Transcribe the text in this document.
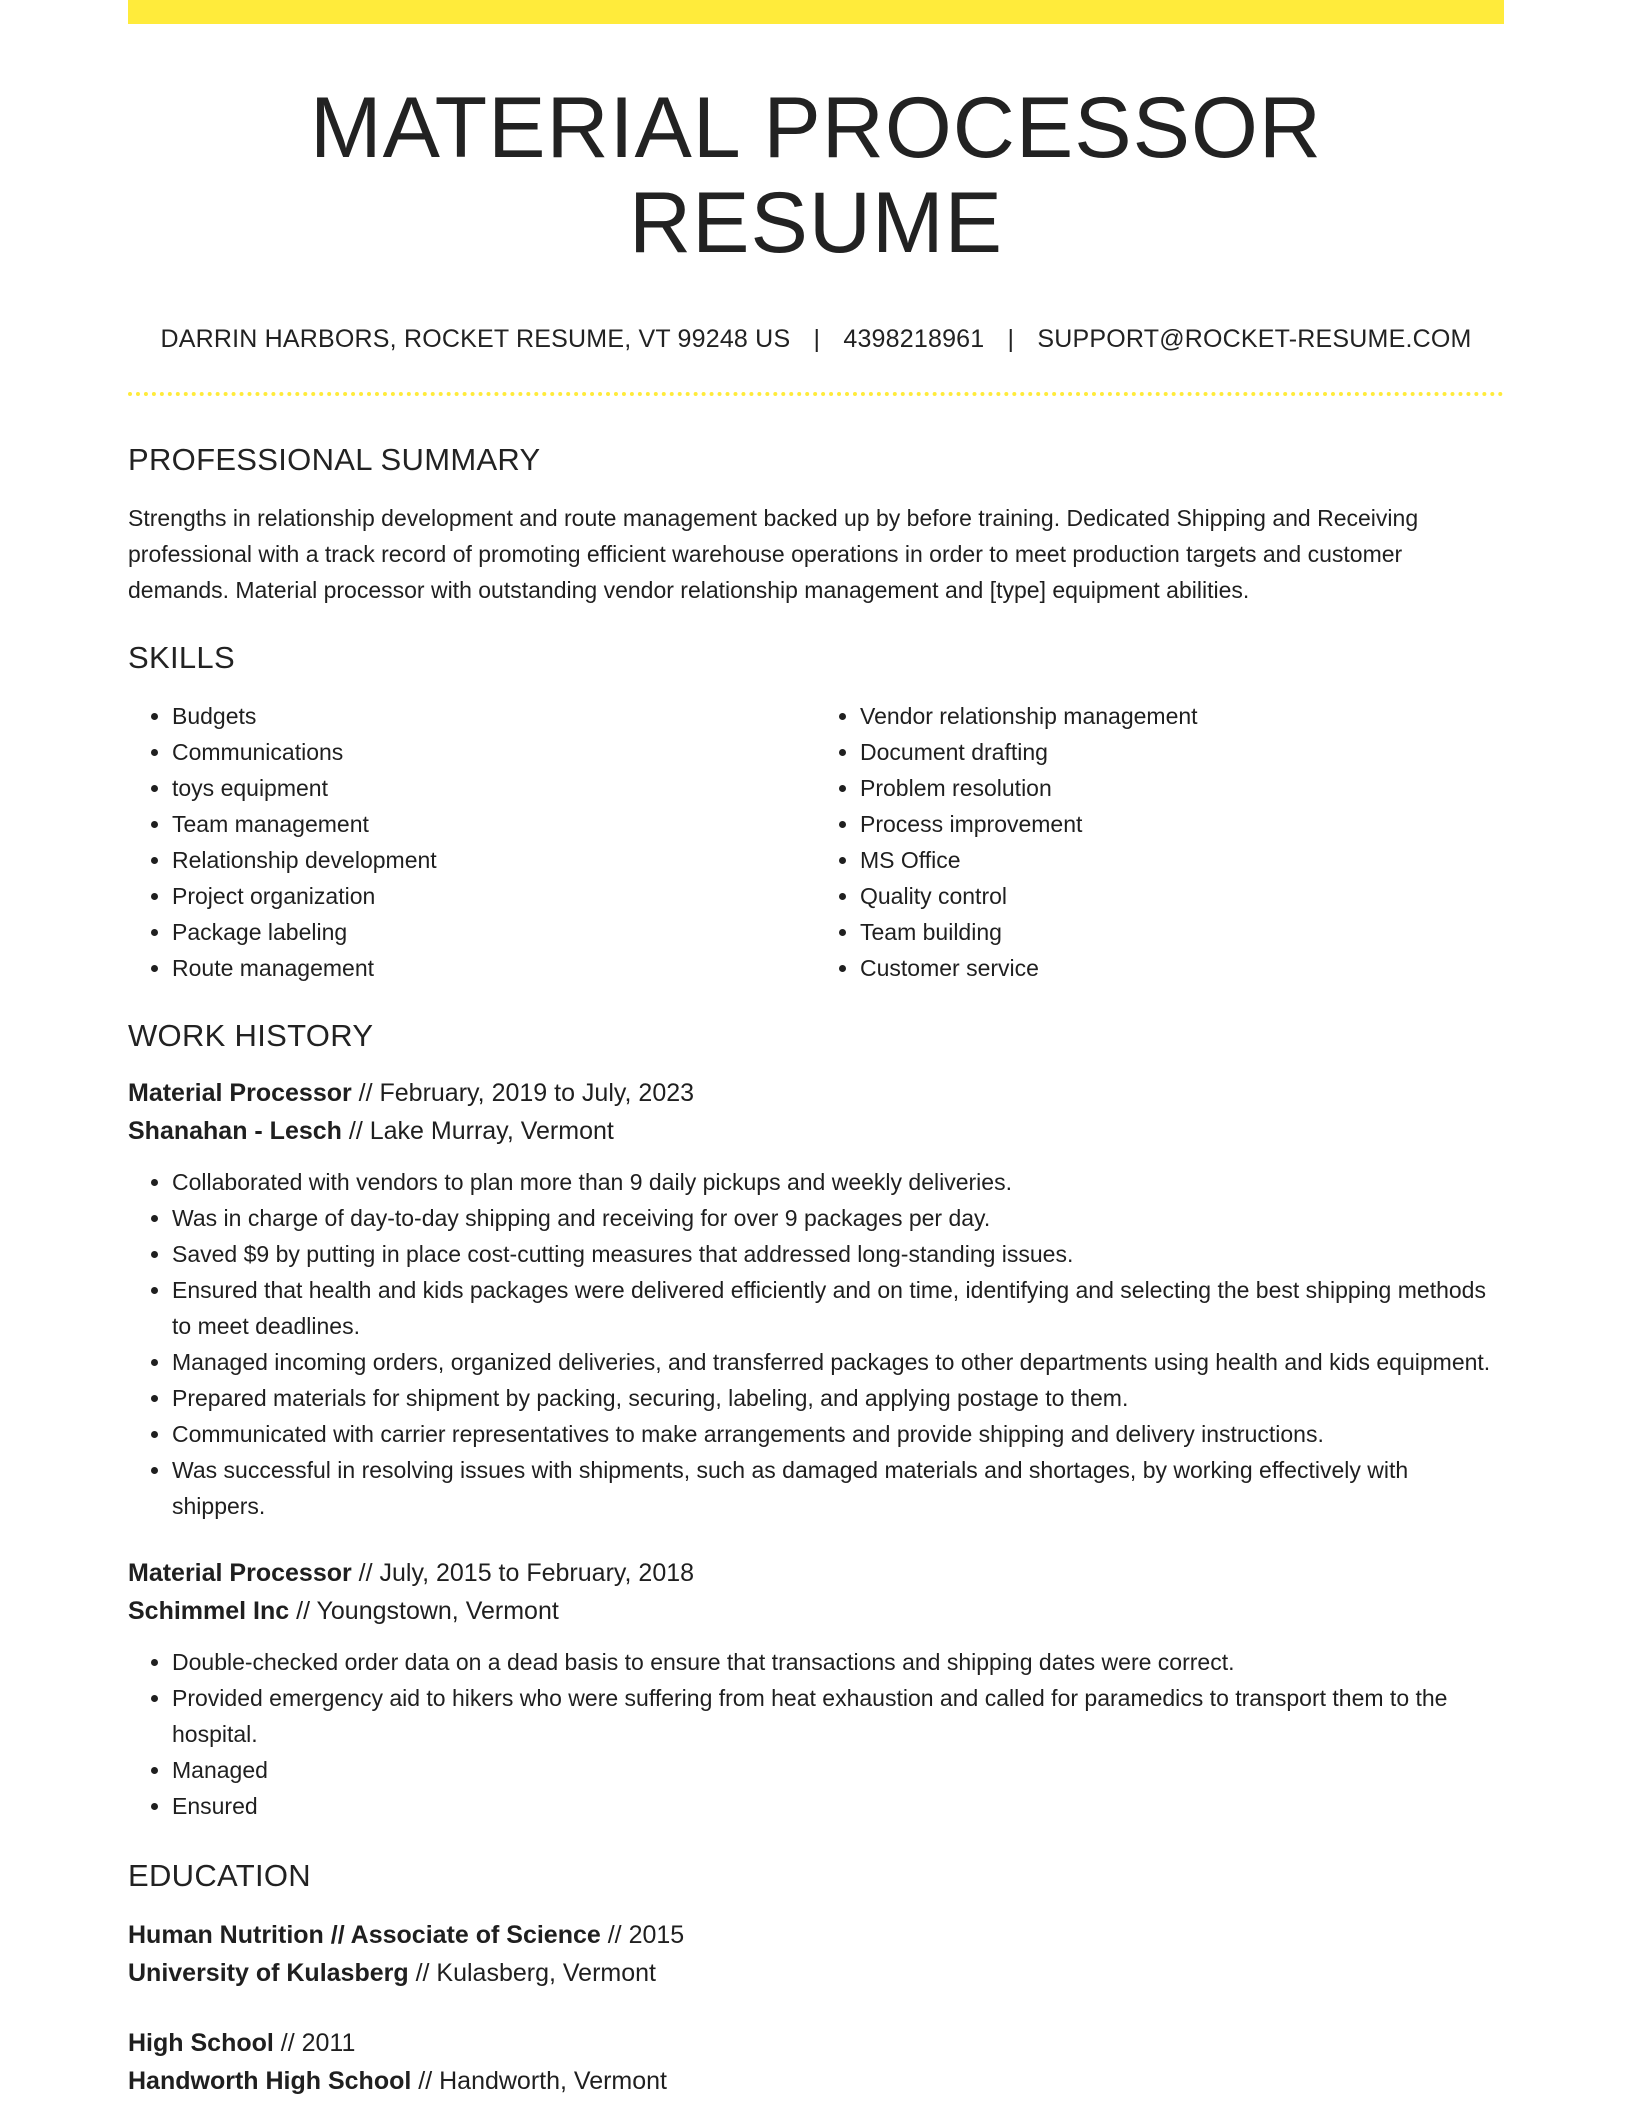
MATERIAL PROCESSOR RESUME
DARRIN HARBORS, ROCKET RESUME, VT 99248 US | 4398218961 | SUPPORT@ROCKET-RESUME.COM
PROFESSIONAL SUMMARY
Strengths in relationship development and route management backed up by before training. Dedicated Shipping and Receiving professional with a track record of promoting efficient warehouse operations in order to meet production targets and customer demands. Material processor with outstanding vendor relationship management and [type] equipment abilities.
SKILLS
• Budgets
• Communications
• toys equipment
• Team management
• Relationship development
• Project organization
• Package labeling
• Route management
• Vendor relationship management
• Document drafting
• Problem resolution
• Process improvement
• MS Office
• Quality control
• Team building
• Customer service
WORK HISTORY
Material Processor // February, 2019 to July, 2023
Shanahan - Lesch // Lake Murray, Vermont
• Collaborated with vendors to plan more than 9 daily pickups and weekly deliveries.
• Was in charge of day-to-day shipping and receiving for over 9 packages per day.
• Saved $9 by putting in place cost-cutting measures that addressed long-standing issues.
• Ensured that health and kids packages were delivered efficiently and on time, identifying and selecting the best shipping methods to meet deadlines.
• Managed incoming orders, organized deliveries, and transferred packages to other departments using health and kids equipment.
• Prepared materials for shipment by packing, securing, labeling, and applying postage to them.
• Communicated with carrier representatives to make arrangements and provide shipping and delivery instructions.
• Was successful in resolving issues with shipments, such as damaged materials and shortages, by working effectively with shippers.
Material Processor // July, 2015 to February, 2018
Schimmel Inc // Youngstown, Vermont
• Double-checked order data on a dead basis to ensure that transactions and shipping dates were correct.
• Provided emergency aid to hikers who were suffering from heat exhaustion and called for paramedics to transport them to the hospital.
• Managed
• Ensured
EDUCATION
Human Nutrition // Associate of Science // 2015
University of Kulasberg // Kulasberg, Vermont
High School // 2011
Handworth High School // Handworth, Vermont
